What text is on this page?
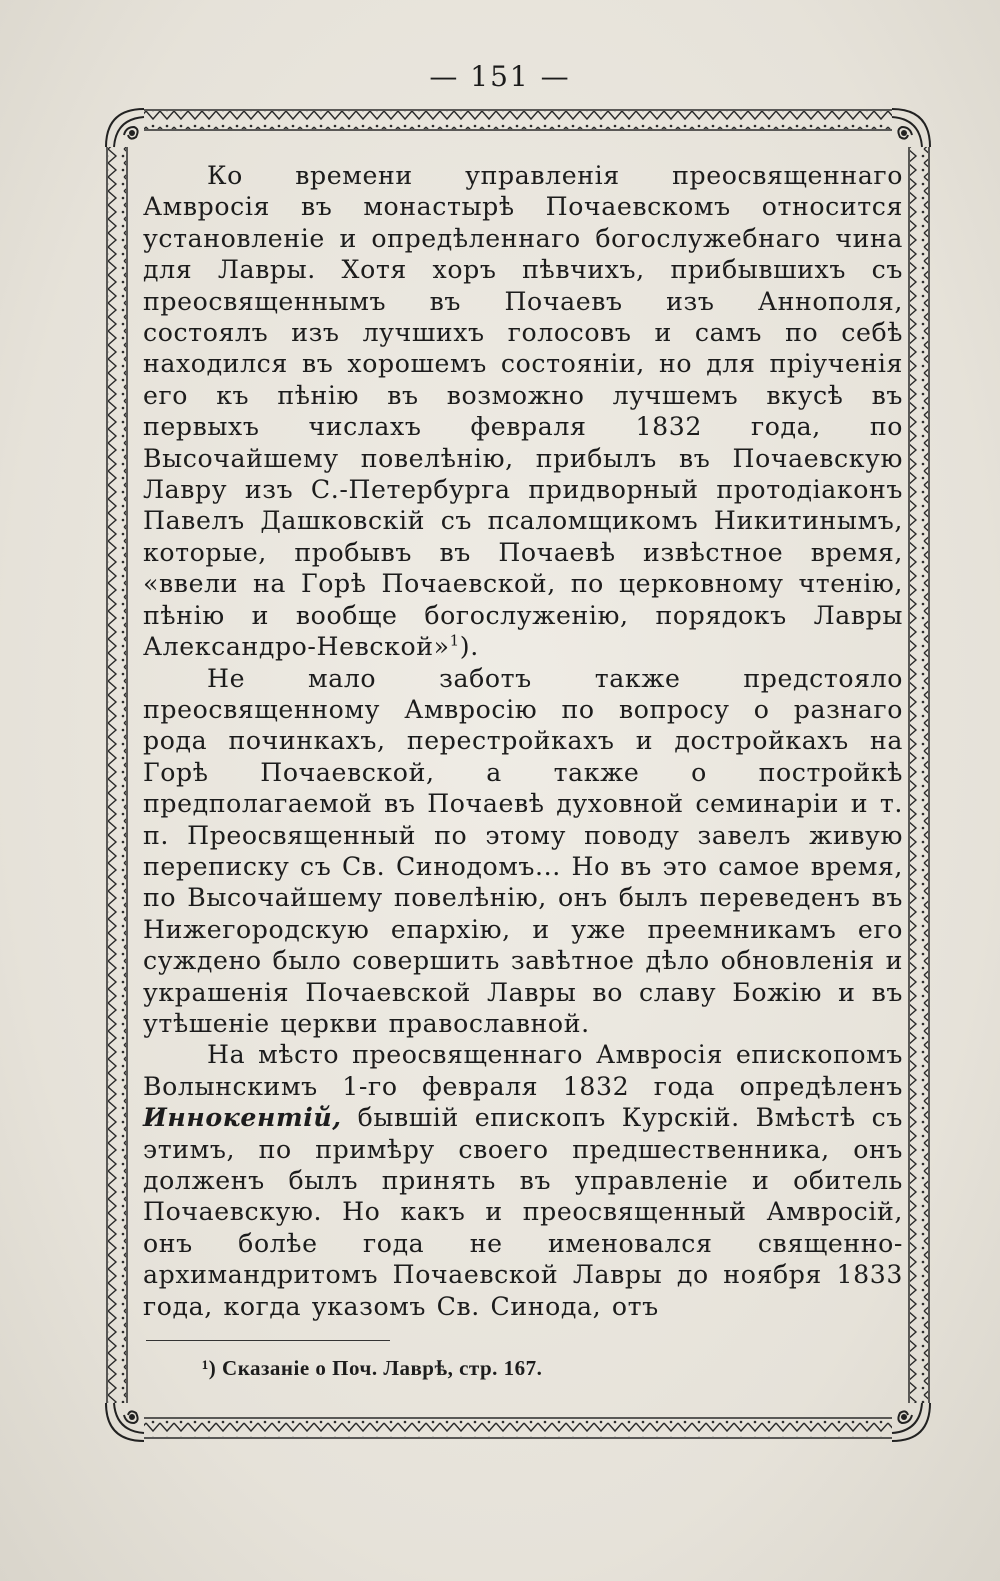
— 151 —

Ко времени управленія преосвященнаго Амвросія въ монастырѣ Почаевскомъ относится установленіе и опредѣленнаго богослужебнаго чина для Лавры. Хотя хоръ пѣвчихъ, прибывшихъ съ преосвященнымъ въ Почаевъ изъ Аннополя, состоялъ изъ лучшихъ голосовъ и самъ по себѣ находился въ хорошемъ состояніи, но для пріученія его къ пѣнію въ возможно лучшемъ вкусѣ въ первыхъ числахъ февраля 1832 года, по Высочайшему повелѣнію, прибылъ въ Почаевскую Лавру изъ С.-Петербурга придворный протодіаконъ Павелъ Дашковскій съ псаломщикомъ Никитинымъ, которые, пробывъ въ Почаевѣ извѣстное время, «ввели на Горѣ Почаевской, по церковному чтенію, пѣнію и вообще богослуженію, порядокъ Лавры Александро-Невской»$^1$).

Не мало заботъ также предстояло преосвященному Амвросію по вопросу о разнаго рода починкахъ, перестройкахъ и достройкахъ на Горѣ Почаевской, а также о постройкѣ предполагаемой въ Почаевѣ духовной семинаріи и т. п. Преосвященный по этому поводу завелъ живую переписку съ Св. Синодомъ... Но въ это самое время, по Высочайшему повелѣнію, онъ былъ переведенъ въ Нижегородскую епархію, и уже преемникамъ его суждено было совершить завѣтное дѣло обновленія и украшенія Почаевской Лавры во славу Божію и въ утѣшеніе церкви православной.

На мѣсто преосвященнаго Амвросія епископомъ Волынскимъ 1-го февраля 1832 года опредѣленъ Иннокентій, бывшій епископъ Курскій. Вмѣстѣ съ этимъ, по примѣру своего предшественника, онъ долженъ былъ принять въ управленіе и обитель Почаевскую. Но какъ и преосвященный Амвросій, онъ болѣе года не именовался священно-архимандритомъ Почаевской Лавры до ноября 1833 года, когда указомъ Св. Синода, отъ

¹) Сказаніе о Поч. Лаврѣ, стр. 167.
